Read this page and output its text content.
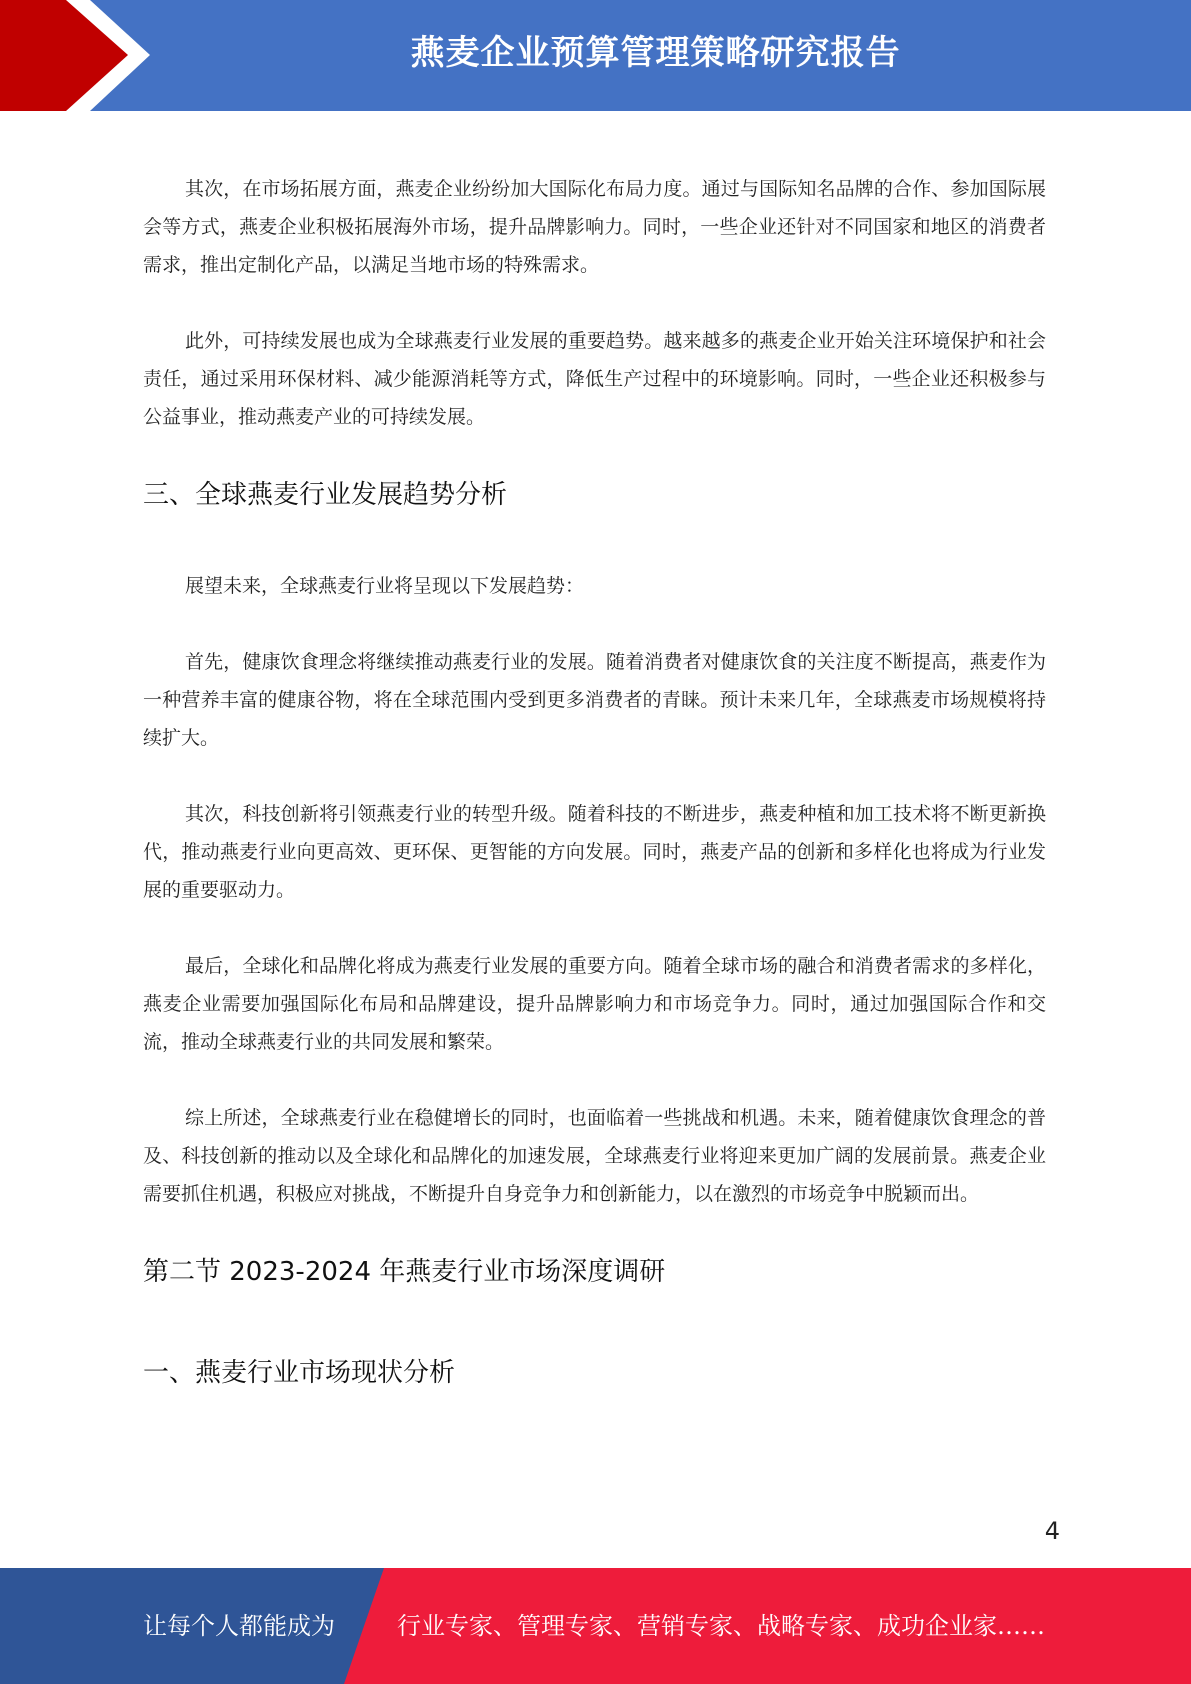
燕麦企业预算管理策略研究报告

其次，在市场拓展方面，燕麦企业纷纷加大国际化布局力度。通过与国际知名品牌的合作、参加国际展会等方式，燕麦企业积极拓展海外市场，提升品牌影响力。同时，一些企业还针对不同国家和地区的消费者需求，推出定制化产品，以满足当地市场的特殊需求。

此外，可持续发展也成为全球燕麦行业发展的重要趋势。越来越多的燕麦企业开始关注环境保护和社会责任，通过采用环保材料、减少能源消耗等方式，降低生产过程中的环境影响。同时，一些企业还积极参与公益事业，推动燕麦产业的可持续发展。

三、全球燕麦行业发展趋势分析

展望未来，全球燕麦行业将呈现以下发展趋势：

首先，健康饮食理念将继续推动燕麦行业的发展。随着消费者对健康饮食的关注度不断提高，燕麦作为一种营养丰富的健康谷物，将在全球范围内受到更多消费者的青睐。预计未来几年，全球燕麦市场规模将持续扩大。

其次，科技创新将引领燕麦行业的转型升级。随着科技的不断进步，燕麦种植和加工技术将不断更新换代，推动燕麦行业向更高效、更环保、更智能的方向发展。同时，燕麦产品的创新和多样化也将成为行业发展的重要驱动力。

最后，全球化和品牌化将成为燕麦行业发展的重要方向。随着全球市场的融合和消费者需求的多样化，燕麦企业需要加强国际化布局和品牌建设，提升品牌影响力和市场竞争力。同时，通过加强国际合作和交流，推动全球燕麦行业的共同发展和繁荣。

综上所述，全球燕麦行业在稳健增长的同时，也面临着一些挑战和机遇。未来，随着健康饮食理念的普及、科技创新的推动以及全球化和品牌化的加速发展，全球燕麦行业将迎来更加广阔的发展前景。燕麦企业需要抓住机遇，积极应对挑战，不断提升自身竞争力和创新能力，以在激烈的市场竞争中脱颖而出。

第二节 2023-2024 年燕麦行业市场深度调研
一、燕麦行业市场现状分析
4
让每个人都能成为	行业专家、管理专家、营销专家、战略专家、成功企业家……
